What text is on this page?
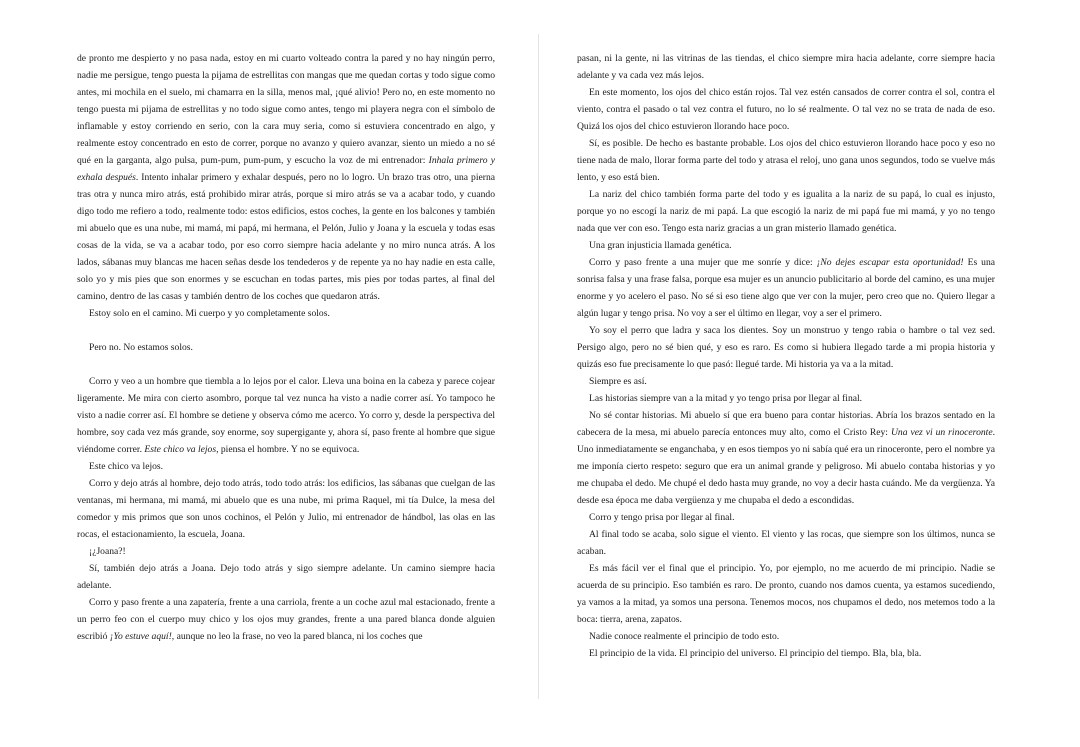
de pronto me despierto y no pasa nada, estoy en mi cuarto volteado contra la pared y no hay ningún perro, nadie me persigue, tengo puesta la pijama de estrellitas con mangas que me quedan cortas y todo sigue como antes, mi mochila en el suelo, mi chamarra en la silla, menos mal, ¡qué alivio! Pero no, en este momento no tengo puesta mi pijama de estrellitas y no todo sigue como antes, tengo mi playera negra con el símbolo de inflamable y estoy corriendo en serio, con la cara muy seria, como si estuviera concentrado en algo, y realmente estoy concentrado en esto de correr, porque no avanzo y quiero avanzar, siento un miedo a no sé qué en la garganta, algo pulsa, pum-pum, pum-pum, y escucho la voz de mi entrenador: Inhala primero y exhala después. Intento inhalar primero y exhalar después, pero no lo logro. Un brazo tras otro, una pierna tras otra y nunca miro atrás, está prohibido mirar atrás, porque si miro atrás se va a acabar todo, y cuando digo todo me refiero a todo, realmente todo: estos edificios, estos coches, la gente en los balcones y también mi abuelo que es una nube, mi mamá, mi papá, mi hermana, el Pelón, Julio y Joana y la escuela y todas esas cosas de la vida, se va a acabar todo, por eso corro siempre hacia adelante y no miro nunca atrás. A los lados, sábanas muy blancas me hacen señas desde los tendederos y de repente ya no hay nadie en esta calle, solo yo y mis pies que son enormes y se escuchan en todas partes, mis pies por todas partes, al final del camino, dentro de las casas y también dentro de los coches que quedaron atrás.

Estoy solo en el camino. Mi cuerpo y yo completamente solos.

Pero no. No estamos solos.

Corro y veo a un hombre que tiembla a lo lejos por el calor. Lleva una boina en la cabeza y parece cojear ligeramente. Me mira con cierto asombro, porque tal vez nunca ha visto a nadie correr así. Yo tampoco he visto a nadie correr así. El hombre se detiene y observa cómo me acerco. Yo corro y, desde la perspectiva del hombre, soy cada vez más grande, soy enorme, soy supergigante y, ahora sí, paso frente al hombre que sigue viéndome correr. Este chico va lejos, piensa el hombre. Y no se equivoca.

Este chico va lejos.

Corro y dejo atrás al hombre, dejo todo atrás, todo todo atrás: los edificios, las sábanas que cuelgan de las ventanas, mi hermana, mi mamá, mi abuelo que es una nube, mi prima Raquel, mi tía Dulce, la mesa del comedor y mis primos que son unos cochinos, el Pelón y Julio, mi entrenador de hándbol, las olas en las rocas, el estacionamiento, la escuela, Joana.

¡¿Joana?!

Sí, también dejo atrás a Joana. Dejo todo atrás y sigo siempre adelante. Un camino siempre hacia adelante.

Corro y paso frente a una zapatería, frente a una carriola, frente a un coche azul mal estacionado, frente a un perro feo con el cuerpo muy chico y los ojos muy grandes, frente a una pared blanca donde alguien escribió ¡Yo estuve aquí!, aunque no leo la frase, no veo la pared blanca, ni los coches que

pasan, ni la gente, ni las vitrinas de las tiendas, el chico siempre mira hacia adelante, corre siempre hacia adelante y va cada vez más lejos.

En este momento, los ojos del chico están rojos. Tal vez estén cansados de correr contra el sol, contra el viento, contra el pasado o tal vez contra el futuro, no lo sé realmente. O tal vez no se trata de nada de eso. Quizá los ojos del chico estuvieron llorando hace poco.

Sí, es posible. De hecho es bastante probable. Los ojos del chico estuvieron llorando hace poco y eso no tiene nada de malo, llorar forma parte del todo y atrasa el reloj, uno gana unos segundos, todo se vuelve más lento, y eso está bien.

La nariz del chico también forma parte del todo y es igualita a la nariz de su papá, lo cual es injusto, porque yo no escogí la nariz de mi papá. La que escogió la nariz de mi papá fue mi mamá, y yo no tengo nada que ver con eso. Tengo esta nariz gracias a un gran misterio llamado genética.

Una gran injusticia llamada genética.

Corro y paso frente a una mujer que me sonríe y dice: ¡No dejes escapar esta oportunidad! Es una sonrisa falsa y una frase falsa, porque esa mujer es un anuncio publicitario al borde del camino, es una mujer enorme y yo acelero el paso. No sé si eso tiene algo que ver con la mujer, pero creo que no. Quiero llegar a algún lugar y tengo prisa. No voy a ser el último en llegar, voy a ser el primero.

Yo soy el perro que ladra y saca los dientes. Soy un monstruo y tengo rabia o hambre o tal vez sed. Persigo algo, pero no sé bien qué, y eso es raro. Es como si hubiera llegado tarde a mi propia historia y quizás eso fue precisamente lo que pasó: llegué tarde. Mi historia ya va a la mitad.

Siempre es así.

Las historias siempre van a la mitad y yo tengo prisa por llegar al final.

No sé contar historias. Mi abuelo sí que era bueno para contar historias. Abría los brazos sentado en la cabecera de la mesa, mi abuelo parecía entonces muy alto, como el Cristo Rey: Una vez vi un rinoceronte. Uno inmediatamente se enganchaba, y en esos tiempos yo ni sabía qué era un rinoceronte, pero el nombre ya me imponía cierto respeto: seguro que era un animal grande y peligroso. Mi abuelo contaba historias y yo me chupaba el dedo. Me chupé el dedo hasta muy grande, no voy a decir hasta cuándo. Me da vergüenza. Ya desde esa época me daba vergüenza y me chupaba el dedo a escondidas.

Corro y tengo prisa por llegar al final.

Al final todo se acaba, solo sigue el viento. El viento y las rocas, que siempre son los últimos, nunca se acaban.

Es más fácil ver el final que el principio. Yo, por ejemplo, no me acuerdo de mi principio. Nadie se acuerda de su principio. Eso también es raro. De pronto, cuando nos damos cuenta, ya estamos sucediendo, ya vamos a la mitad, ya somos una persona. Tenemos mocos, nos chupamos el dedo, nos metemos todo a la boca: tierra, arena, zapatos.

Nadie conoce realmente el principio de todo esto.

El principio de la vida. El principio del universo. El principio del tiempo. Bla, bla, bla.
